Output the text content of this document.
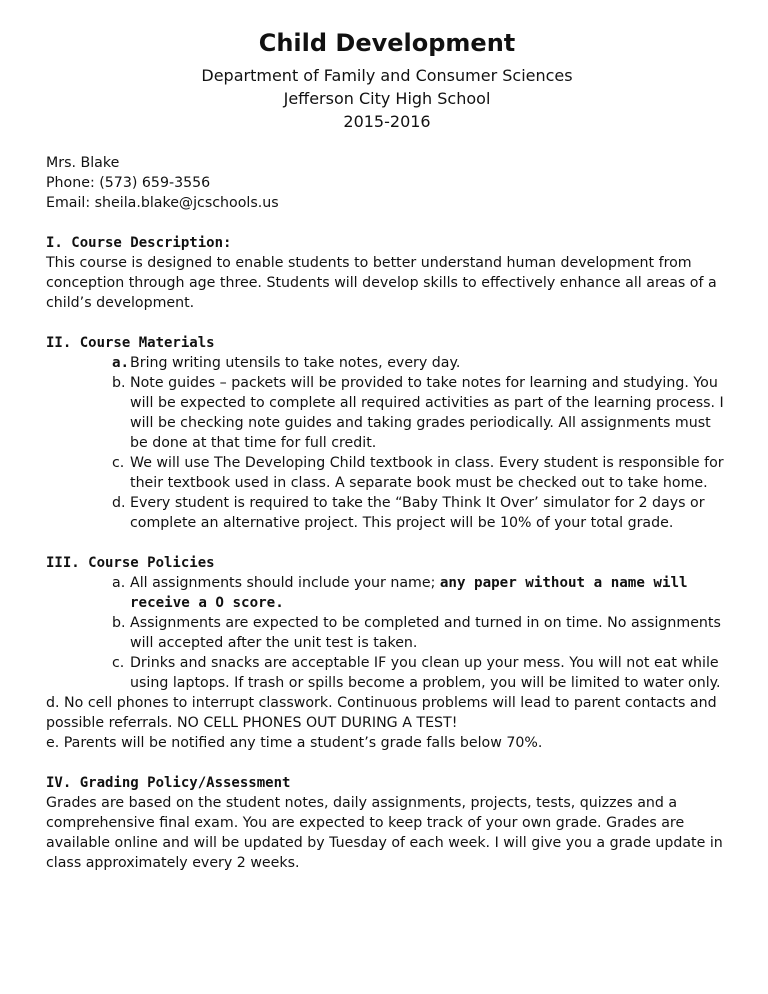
Child Development
Department of Family and Consumer Sciences
Jefferson City High School
2015-2016
Mrs. Blake
Phone: (573) 659-3556
Email: sheila.blake@jcschools.us
I. Course Description:

This course is designed to enable students to better understand human development from conception through age three. Students will develop skills to effectively enhance all areas of a child’s development.

II. Course Materials
a. Bring writing utensils to take notes, every day.
b. Note guides – packets will be provided to take notes for learning and studying. You will be expected to complete all required activities as part of the learning process. I will be checking note guides and taking grades periodically. All assignments must be done at that time for full credit.
c. We will use The Developing Child textbook in class. Every student is responsible for their textbook used in class. A separate book must be checked out to take home.
d. Every student is required to take the “Baby Think It Over’ simulator for 2 days or complete an alternative project. This project will be 10% of your total grade.
III. Course Policies
a. All assignments should include your name; any paper without a name will receive a O score.
b. Assignments are expected to be completed and turned in on time. No assignments will accepted after the unit test is taken.
c. Drinks and snacks are acceptable IF you clean up your mess. You will not eat while using laptops. If trash or spills become a problem, you will be limited to water only.

d. No cell phones to interrupt classwork. Continuous problems will lead to parent contacts and possible referrals. NO CELL PHONES OUT DURING A TEST!

e. Parents will be notified any time a student’s grade falls below 70%.

IV. Grading Policy/Assessment

Grades are based on the student notes, daily assignments, projects, tests, quizzes and a comprehensive final exam. You are expected to keep track of your own grade. Grades are available online and will be updated by Tuesday of each week. I will give you a grade update in class approximately every 2 weeks.
